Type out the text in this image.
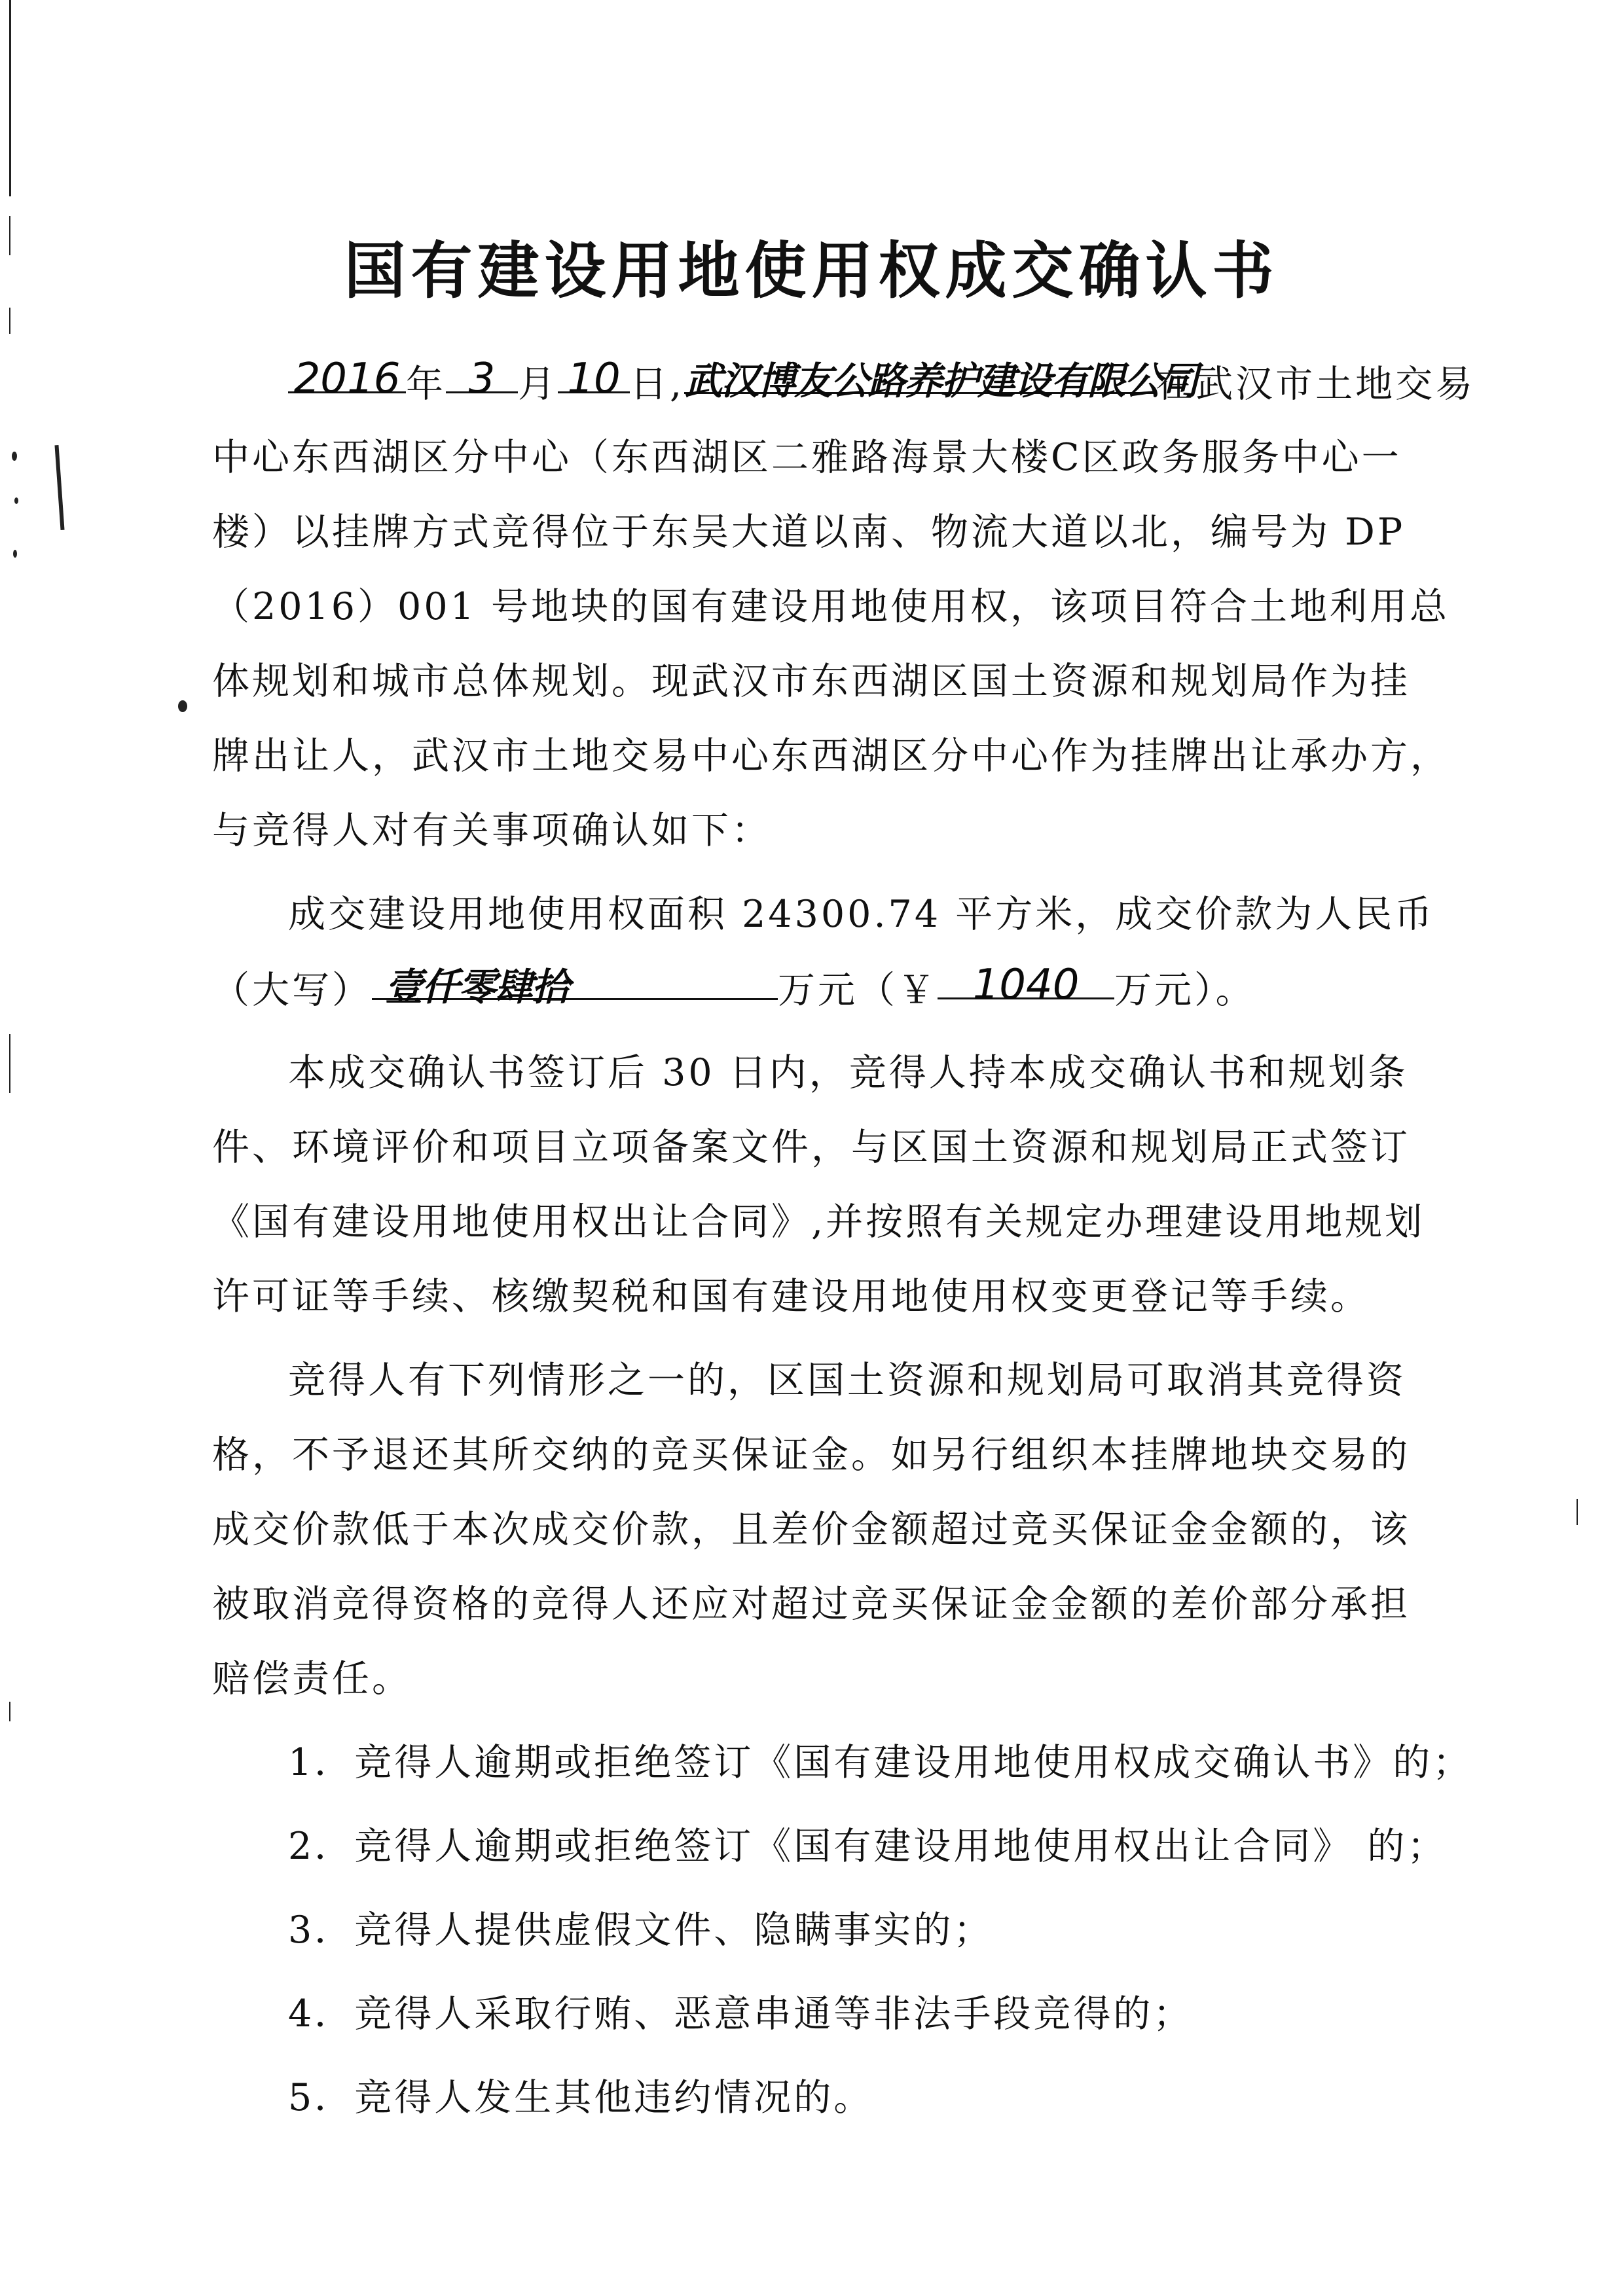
国有建设用地使用权成交确认书
2016 年 3 月 10 日,武汉博友公路养护建设有限公司在武汉市土地交易
中心东西湖区分中心（东西湖区二雅路海景大楼C区政务服务中心一
楼）以挂牌方式竞得位于东吴大道以南、物流大道以北，编号为 DP
（2016）001 号地块的国有建设用地使用权，该项目符合土地利用总
体规划和城市总体规划。现武汉市东西湖区国土资源和规划局作为挂
牌出让人，武汉市土地交易中心东西湖区分中心作为挂牌出让承办方，
与竞得人对有关事项确认如下：
成交建设用地使用权面积 24300.74 平方米，成交价款为人民币
（大写） 壹仟零肆拾	万元（￥ 1040 万元）。
本成交确认书签订后 30 日内，竞得人持本成交确认书和规划条
件、环境评价和项目立项备案文件，与区国土资源和规划局正式签订
《国有建设用地使用权出让合同》,并按照有关规定办理建设用地规划
许可证等手续、核缴契税和国有建设用地使用权变更登记等手续。
竞得人有下列情形之一的，区国土资源和规划局可取消其竞得资
格，不予退还其所交纳的竞买保证金。如另行组织本挂牌地块交易的
成交价款低于本次成交价款，且差价金额超过竞买保证金金额的，该
被取消竞得资格的竞得人还应对超过竞买保证金金额的差价部分承担
赔偿责任。
1．竞得人逾期或拒绝签订《国有建设用地使用权成交确认书》的；
2．竞得人逾期或拒绝签订《国有建设用地使用权出让合同》 的；
3．竞得人提供虚假文件、隐瞒事实的；
4．竞得人采取行贿、恶意串通等非法手段竞得的；
5．竞得人发生其他违约情况的。
